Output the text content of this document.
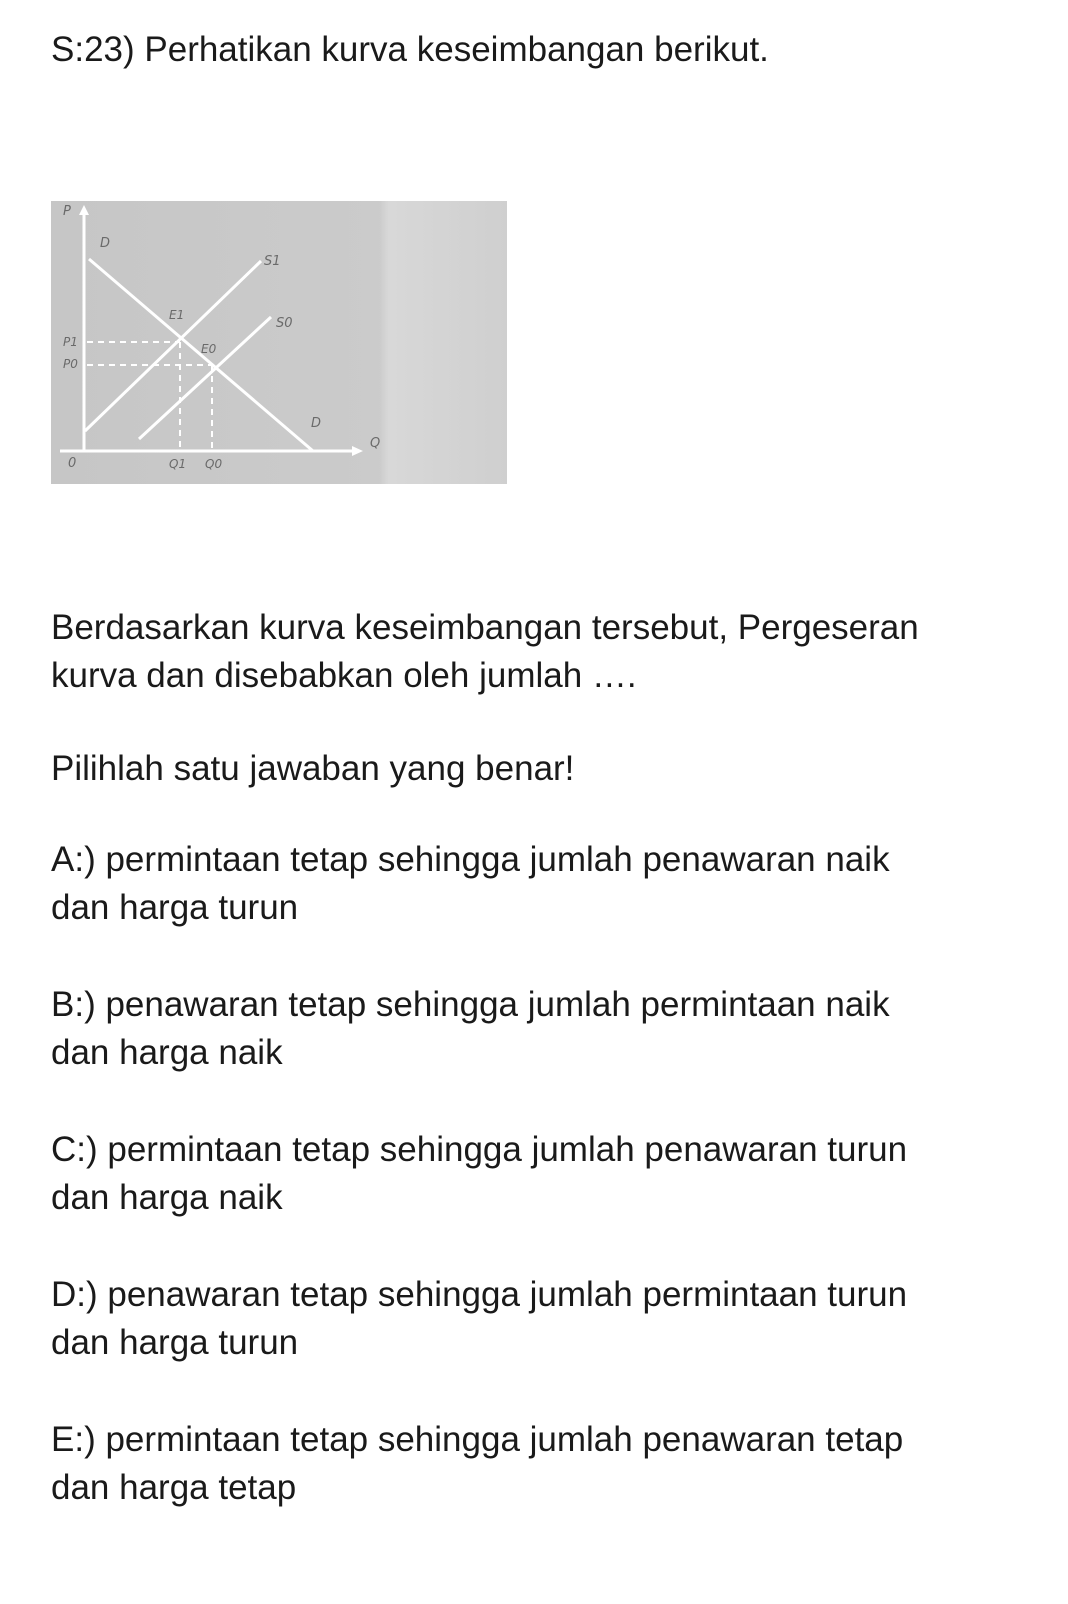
S:23) Perhatikan kurva keseimbangan berikut.

P
Q
0
D
D
S1
S0
E1
E0
P1
P0
Q1 Q0

Berdasarkan kurva keseimbangan tersebut, Pergeseran

kurva dan disebabkan oleh jumlah ….

Pilihlah satu jawaban yang benar!

A:) permintaan tetap sehingga jumlah penawaran naik

dan harga turun

B:) penawaran tetap sehingga jumlah permintaan naik

dan harga naik

C:) permintaan tetap sehingga jumlah penawaran turun

dan harga naik

D:) penawaran tetap sehingga jumlah permintaan turun

dan harga turun

E:) permintaan tetap sehingga jumlah penawaran tetap

dan harga tetap
